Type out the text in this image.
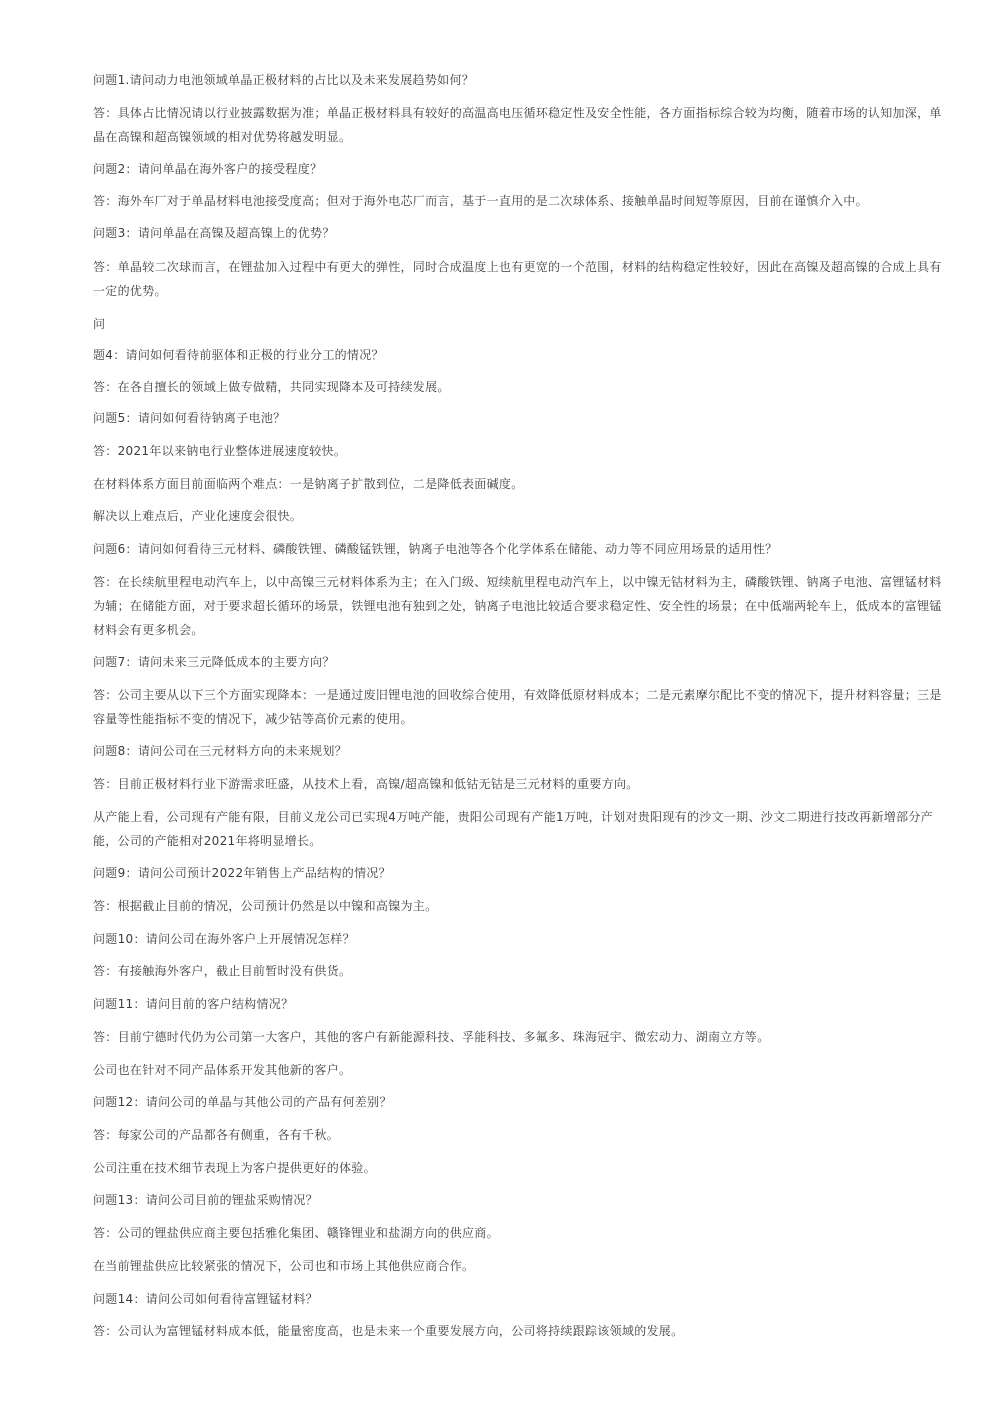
问题1.请问动力电池领域单晶正极材料的占比以及未来发展趋势如何？

答：具体占比情况请以行业披露数据为准；单晶正极材料具有较好的高温高电压循环稳定性及安全性能，各方面指标综合较为均衡，随着市场的认知加深，单晶在高镍和超高镍领域的相对优势将越发明显。

问题2：请问单晶在海外客户的接受程度？

答：海外车厂对于单晶材料电池接受度高；但对于海外电芯厂而言，基于一直用的是二次球体系、接触单晶时间短等原因，目前在谨慎介入中。

问题3：请问单晶在高镍及超高镍上的优势？

答：单晶较二次球而言，在锂盐加入过程中有更大的弹性，同时合成温度上也有更宽的一个范围，材料的结构稳定性较好，因此在高镍及超高镍的合成上具有一定的优势。

问

题4：请问如何看待前驱体和正极的行业分工的情况？

答：在各自擅长的领域上做专做精，共同实现降本及可持续发展。

问题5：请问如何看待钠离子电池？

答：2021年以来钠电行业整体进展速度较快。

在材料体系方面目前面临两个难点：一是钠离子扩散到位，二是降低表面碱度。

解决以上难点后，产业化速度会很快。

问题6：请问如何看待三元材料、磷酸铁锂、磷酸锰铁锂，钠离子电池等各个化学体系在储能、动力等不同应用场景的适用性？

答：在长续航里程电动汽车上，以中高镍三元材料体系为主；在入门级、短续航里程电动汽车上，以中镍无钴材料为主，磷酸铁锂、钠离子电池、富锂锰材料为辅；在储能方面，对于要求超长循环的场景，铁锂电池有独到之处，钠离子电池比较适合要求稳定性、安全性的场景；在中低端两轮车上，低成本的富锂锰材料会有更多机会。

问题7：请问未来三元降低成本的主要方向？

答：公司主要从以下三个方面实现降本：一是通过废旧锂电池的回收综合使用，有效降低原材料成本；二是元素摩尔配比不变的情况下，提升材料容量；三是容量等性能指标不变的情况下，减少钴等高价元素的使用。

问题8：请问公司在三元材料方向的未来规划？

答：目前正极材料行业下游需求旺盛，从技术上看，高镍/超高镍和低钴无钴是三元材料的重要方向。

从产能上看，公司现有产能有限，目前义龙公司已实现4万吨产能，贵阳公司现有产能1万吨，计划对贵阳现有的沙文一期、沙文二期进行技改再新增部分产能，公司的产能相对2021年将明显增长。

问题9：请问公司预计2022年销售上产品结构的情况？

答：根据截止目前的情况，公司预计仍然是以中镍和高镍为主。

问题10：请问公司在海外客户上开展情况怎样？

答：有接触海外客户，截止目前暂时没有供货。

问题11：请问目前的客户结构情况？

答：目前宁德时代仍为公司第一大客户，其他的客户有新能源科技、孚能科技、多氟多、珠海冠宇、微宏动力、湖南立方等。

公司也在针对不同产品体系开发其他新的客户。

问题12：请问公司的单晶与其他公司的产品有何差别？

答：每家公司的产品都各有侧重，各有千秋。

公司注重在技术细节表现上为客户提供更好的体验。

问题13：请问公司目前的锂盐采购情况？

答：公司的锂盐供应商主要包括雅化集团、赣锋锂业和盐湖方向的供应商。

在当前锂盐供应比较紧张的情况下，公司也和市场上其他供应商合作。

问题14：请问公司如何看待富锂锰材料？

答：公司认为富锂锰材料成本低，能量密度高，也是未来一个重要发展方向，公司将持续跟踪该领域的发展。
